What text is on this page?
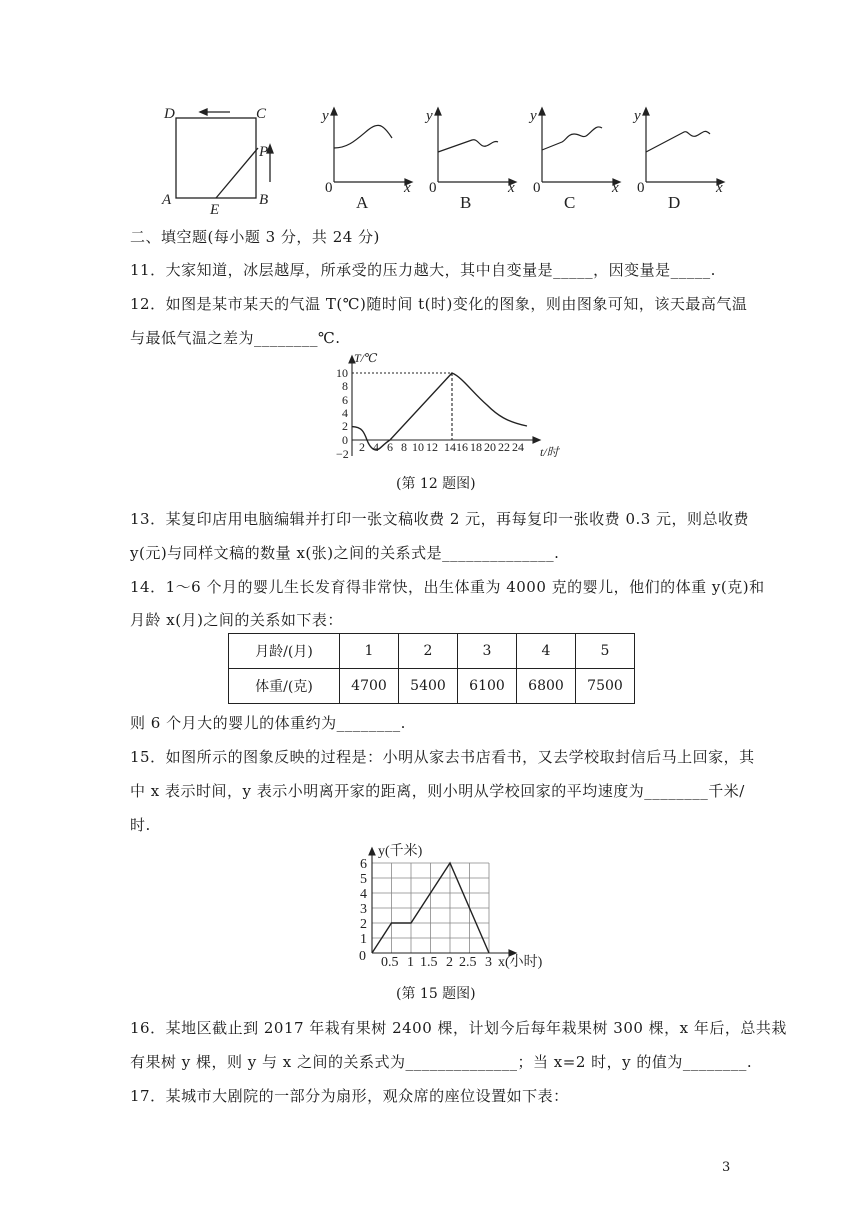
D	C
A	B
E
P
y
0	x
y
0	x
y
0	x
y
0	x
A	B	C	D
二、填空题(每小题 3 分，共 24 分)
11．大家知道，冰层越厚，所承受的压力越大，其中自变量是_____，因变量是_____.
12．如图是某市某天的气温 T(℃)随时间 t(时)变化的图象，则由图象可知，该天最高气温
与最低气温之差为________℃.
10
8
6
4
2
0
−2 2 4 6 8 10 12 14 16 18 20 22 24
T/℃
t/时
(第 12 题图)
13．某复印店用电脑编辑并打印一张文稿收费 2 元，再每复印一张收费 0.3 元，则总收费
y(元)与同样文稿的数量 x(张)之间的关系式是______________.
14．1～6 个月的婴儿生长发育得非常快，出生体重为 4000 克的婴儿，他们的体重 y(克)和
月龄 x(月)之间的关系如下表：
月龄/(月)	1	2	3	4	5
体重/(克)	4700	5400	6100	6800	7500
则 6 个月大的婴儿的体重约为________.
15．如图所示的图象反映的过程是：小明从家去书店看书，又去学校取封信后马上回家，其
中 x 表示时间，y 表示小明离开家的距离，则小明从学校回家的平均速度为________千米/
时.
6
5
4
3
2
1
0 0.5 1 1.5 2 2.5 3
y(千米)
x(小时)
(第 15 题图)
16．某地区截止到 2017 年栽有果树 2400 棵，计划今后每年栽果树 300 棵，x 年后，总共栽
有果树 y 棵，则 y 与 x 之间的关系式为______________；当 x=2 时，y 的值为________.
17．某城市大剧院的一部分为扇形，观众席的座位设置如下表：
3
